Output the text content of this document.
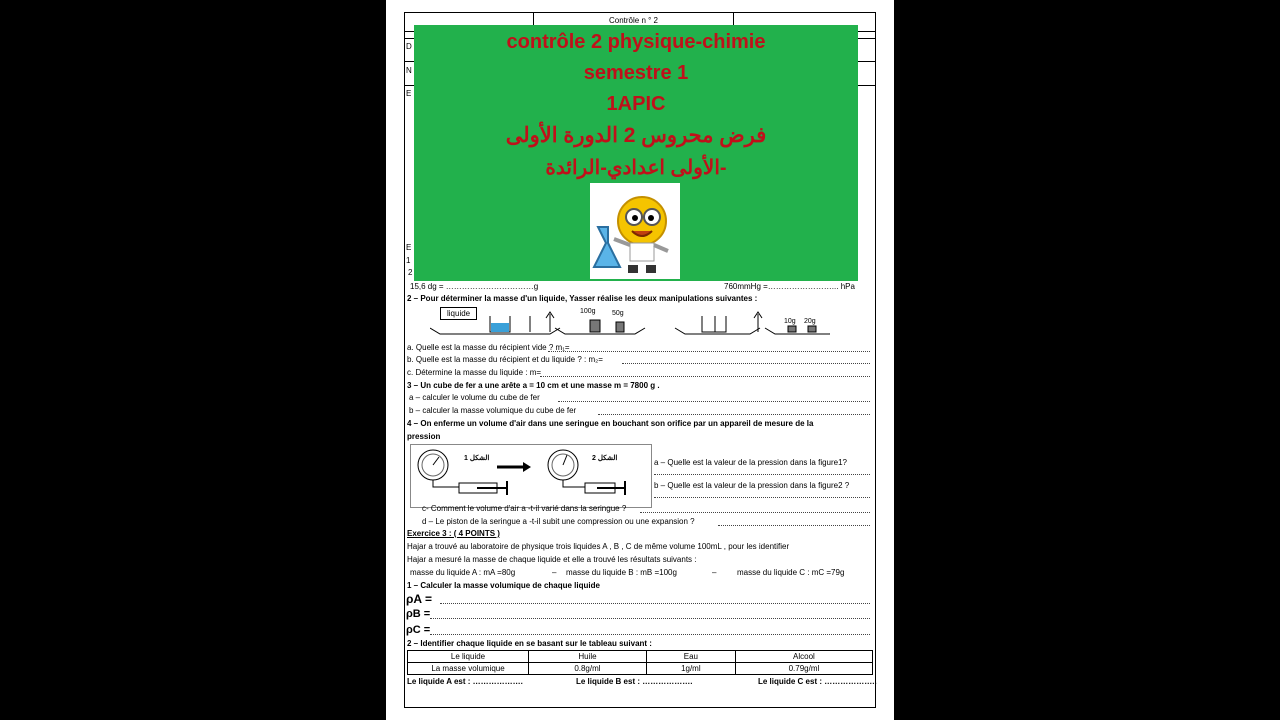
Contrôle n ° 2
D
N
E
E
1
2
contrôle 2 physique-chimie
semestre 1
1APIC
فرض محروس 2 الدورة الأولى
الأولى اعدادي-الرائدة-
15,6 dg = ……………………………g	760mmHg =……………………... hPa
2 – Pour déterminer la masse d'un liquide, Yasser réalise les deux manipulations suivantes :
liquide	100g 50g
10g 20g
a. Quelle est la masse du récipient vide ? m₁=
b. Quelle est la masse du récipient et du liquide ? : m₂=
c. Détermine la masse du liquide : m=
3 – Un cube de fer a une arête a = 10 cm et une masse m = 7800 g .
a – calculer le volume du cube de fer
b – calculer la masse volumique du cube de fer
4 – On enferme un volume d'air dans une seringue en bouchant son orifice par un appareil de mesure de la
pression
الشكل 1	الشكل 2	a – Quelle est la valeur de la pression dans la figure1?
b – Quelle est la valeur de la pression dans la figure2 ?
c- Comment le volume d'air a -t-il varié dans la seringue ?
d – Le piston de la seringue a -t-il subit une compression ou une expansion ?
Exercice 3 : ( 4 POINTS )
Hajar a trouvé au laboratoire de physique trois liquides A , B , C de même volume 100mL , pour les identifier
Hajar a mesuré la masse de chaque liquide et elle a trouvé les résultats suivants :
masse du liquide A : mA =80g	– masse du liquide B : mB =100g	–	masse du liquide C : mC =79g
1 – Calculer la masse volumique de chaque liquide
ρA =
ρB =
ρC =
2 – Identifier chaque liquide en se basant sur le tableau suivant :
Le liquide	Huile	Eau	Alcool
La masse volumique	0.8g/ml	1g/ml	0.79g/ml
Le liquide A est : ……………….	Le liquide B est : ……………….	Le liquide C est : ………………..
